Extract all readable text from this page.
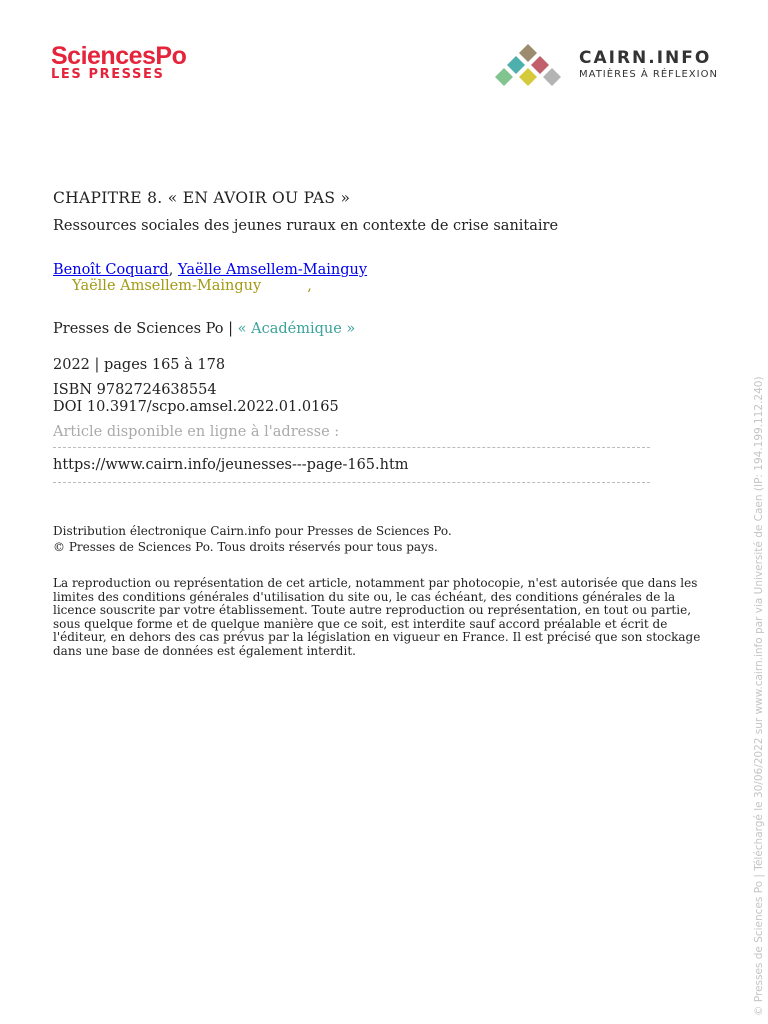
SciencesPo
LES PRESSES
CAIRN.INFO
MATIÈRES À RÉFLEXION
CHAPITRE 8. « EN AVOIR OU PAS »
Ressources sociales des jeunes ruraux en contexte de crise sanitaire
Benoît Coquard, Yaëlle Amsellem-Mainguy
Yaëlle Amsellem-Mainguy          ,
Presses de Sciences Po | « Académique »
2022 | pages 165 à 178
ISBN 9782724638554
DOI 10.3917/scpo.amsel.2022.01.0165
Article disponible en ligne à l'adresse :
https://www.cairn.info/jeunesses---page-165.htm
Distribution électronique Cairn.info pour Presses de Sciences Po.
© Presses de Sciences Po. Tous droits réservés pour tous pays.
La reproduction ou représentation de cet article, notamment par photocopie, n'est autorisée que dans les limites des conditions générales d'utilisation du site ou, le cas échéant, des conditions générales de la licence souscrite par votre établissement. Toute autre reproduction ou représentation, en tout ou partie, sous quelque forme et de quelque manière que ce soit, est interdite sauf accord préalable et écrit de l'éditeur, en dehors des cas prévus par la législation en vigueur en France. Il est précisé que son stockage dans une base de données est également interdit.	© Presses de Sciences Po | Téléchargé le 30/06/2022 sur www.cairn.info par via Université de Caen (IP: 194.199.112.240)
